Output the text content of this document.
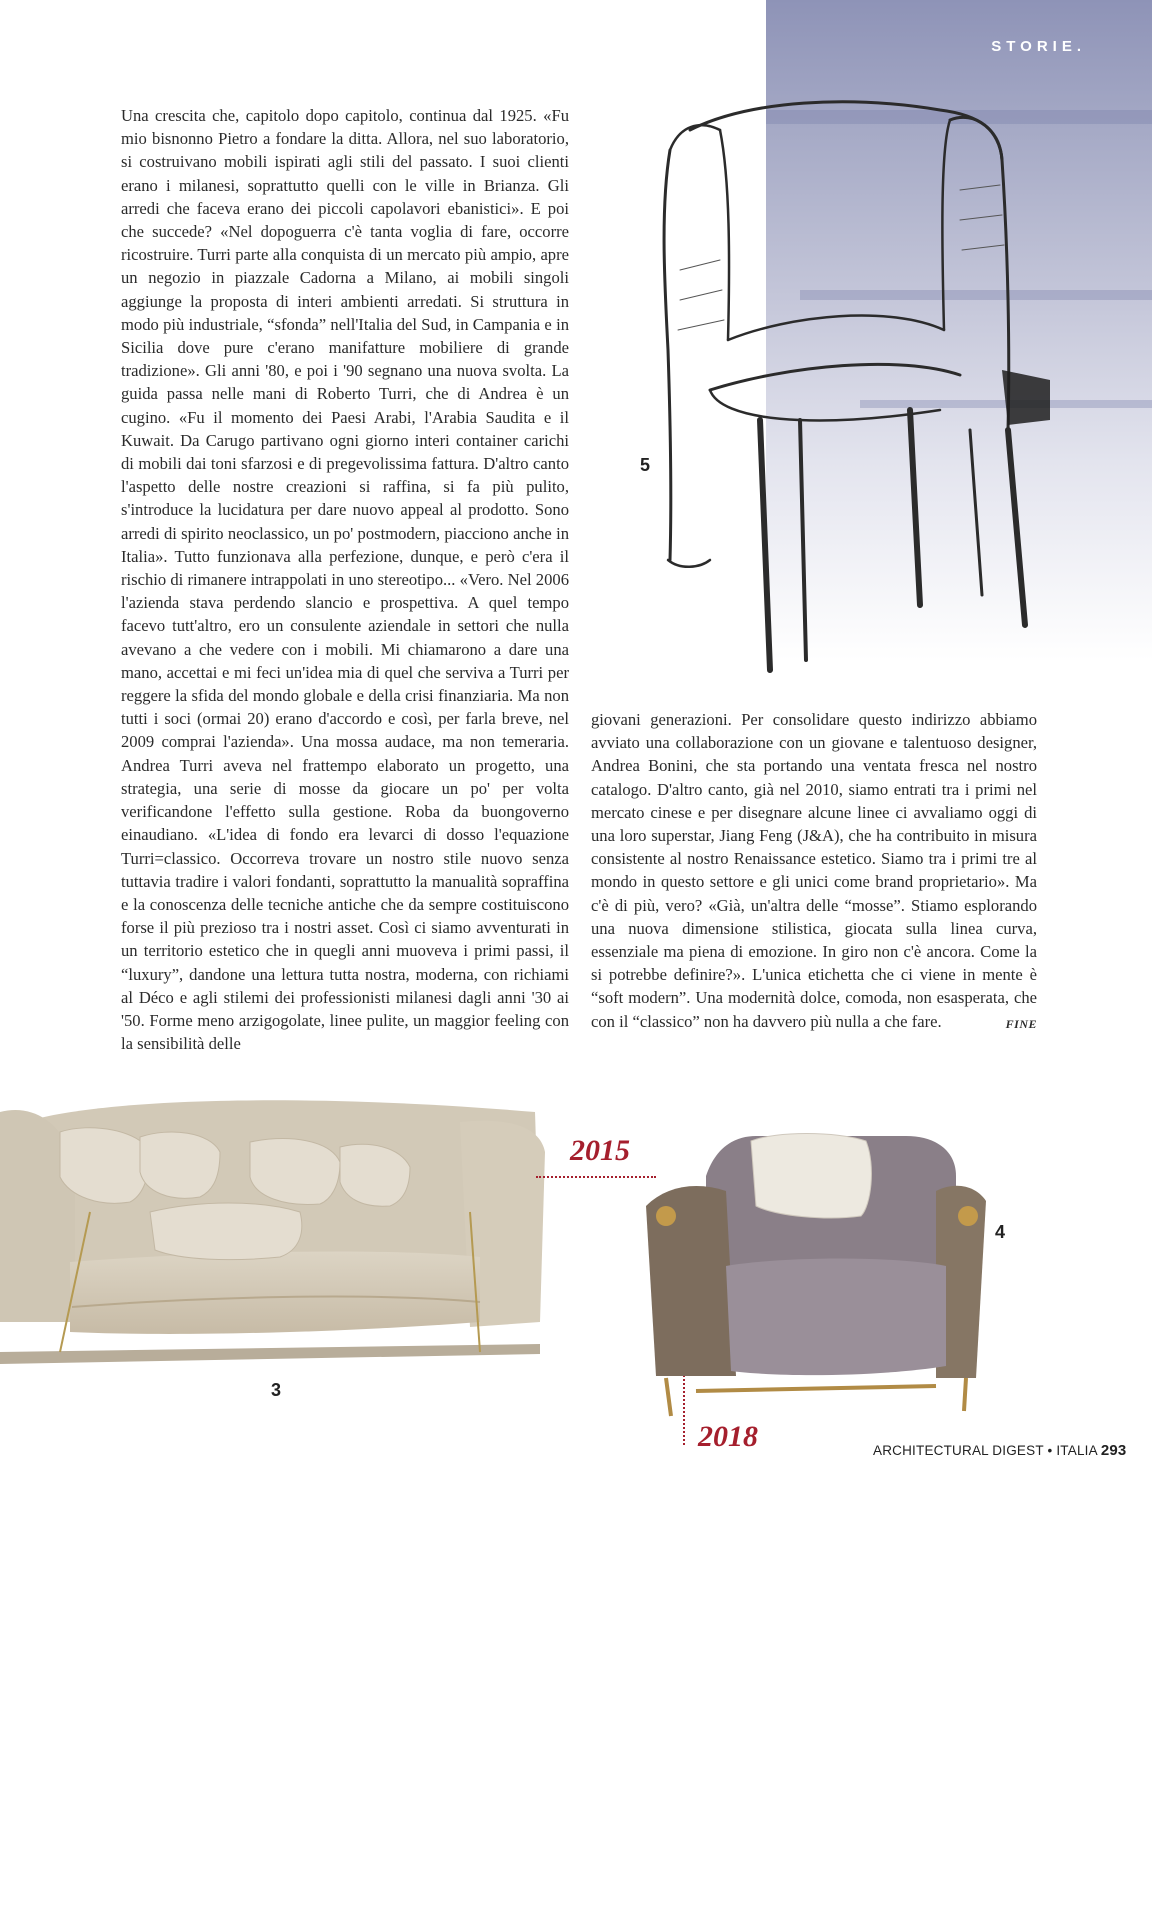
STORIE.
5

Una crescita che, capitolo dopo capitolo, continua dal 1925. «Fu mio bisnonno Pietro a fondare la ditta. Allora, nel suo laboratorio, si costruivano mobili ispirati agli stili del passato. I suoi clienti erano i milanesi, soprattutto quelli con le ville in Brianza. Gli arredi che faceva erano dei piccoli capolavori ebanistici». E poi che succede? «Nel dopoguerra c'è tanta voglia di fare, occorre ricostruire. Turri parte alla conquista di un mercato più ampio, apre un negozio in piazzale Cadorna a Milano, ai mobili singoli aggiunge la proposta di interi ambienti arredati. Si struttura in modo più industriale, “sfonda” nell'Italia del Sud, in Campania e in Sicilia dove pure c'erano manifatture mobiliere di grande tradizione». Gli anni '80, e poi i '90 segnano una nuova svolta. La guida passa nelle mani di Roberto Turri, che di Andrea è un cugino. «Fu il momento dei Paesi Arabi, l'Arabia Saudita e il Kuwait. Da Carugo partivano ogni giorno interi container carichi di mobili dai toni sfarzosi e di pregevolissima fattura. D'altro canto l'aspetto delle nostre creazioni si raffina, si fa più pulito, s'introduce la lucidatura per dare nuovo appeal al prodotto. Sono arredi di spirito neoclassico, un po' postmodern, piacciono anche in Italia». Tutto funzionava alla perfezione, dunque, e però c'era il rischio di rimanere intrappolati in uno stereotipo... «Vero. Nel 2006 l'azienda stava perdendo slancio e prospettiva. A quel tempo facevo tutt'altro, ero un consulente aziendale in settori che nulla avevano a che vedere con i mobili. Mi chiamarono a dare una mano, accettai e mi feci un'idea mia di quel che serviva a Turri per reggere la sfida del mondo globale e della crisi finanziaria. Ma non tutti i soci (ormai 20) erano d'accordo e così, per farla breve, nel 2009 comprai l'azienda». Una mossa audace, ma non temeraria. Andrea Turri aveva nel frattempo elaborato un progetto, una strategia, una serie di mosse da giocare un po' per volta verificandone l'effetto sulla gestione. Roba da buongoverno einaudiano. «L'idea di fondo era levarci di dosso l'equazione Turri=classico. Occorreva trovare un nostro stile nuovo senza tuttavia tradire i valori fondanti, soprattutto la manualità sopraffina e la conoscenza delle tecniche antiche che da sempre costituiscono forse il più prezioso tra i nostri asset. Così ci siamo avventurati in un territorio estetico che in quegli anni muoveva i primi passi, il “luxury”, dandone una lettura tutta nostra, moderna, con richiami al Déco e agli stilemi dei professionisti milanesi dagli anni '30 ai '50. Forme meno arzigogolate, linee pulite, un maggior feeling con la sensibilità delle

giovani generazioni. Per consolidare questo indirizzo abbiamo avviato una collaborazione con un giovane e talentuoso designer, Andrea Bonini, che sta portando una ventata fresca nel nostro catalogo. D'altro canto, già nel 2010, siamo entrati tra i primi nel mercato cinese e per disegnare alcune linee ci avvaliamo oggi di una loro superstar, Jiang Feng (J&A), che ha contribuito in misura consistente al nostro Renaissance estetico. Siamo tra i primi tre al mondo in questo settore e gli unici come brand proprietario». Ma c'è di più, vero? «Già, un'altra delle “mosse”. Stiamo esplorando una nuova dimensione stilistica, giocata sulla linea curva, essenziale ma piena di emozione. In giro non c'è ancora. Come la si potrebbe definire?». L'unica etichetta che ci viene in mente è “soft modern”. Una modernità dolce, comoda, non esasperata, che con il “classico” non ha davvero più nulla a che fare.	FINE

3
2015
2018
4
ARCHITECTURAL DIGEST • ITALIA 293
